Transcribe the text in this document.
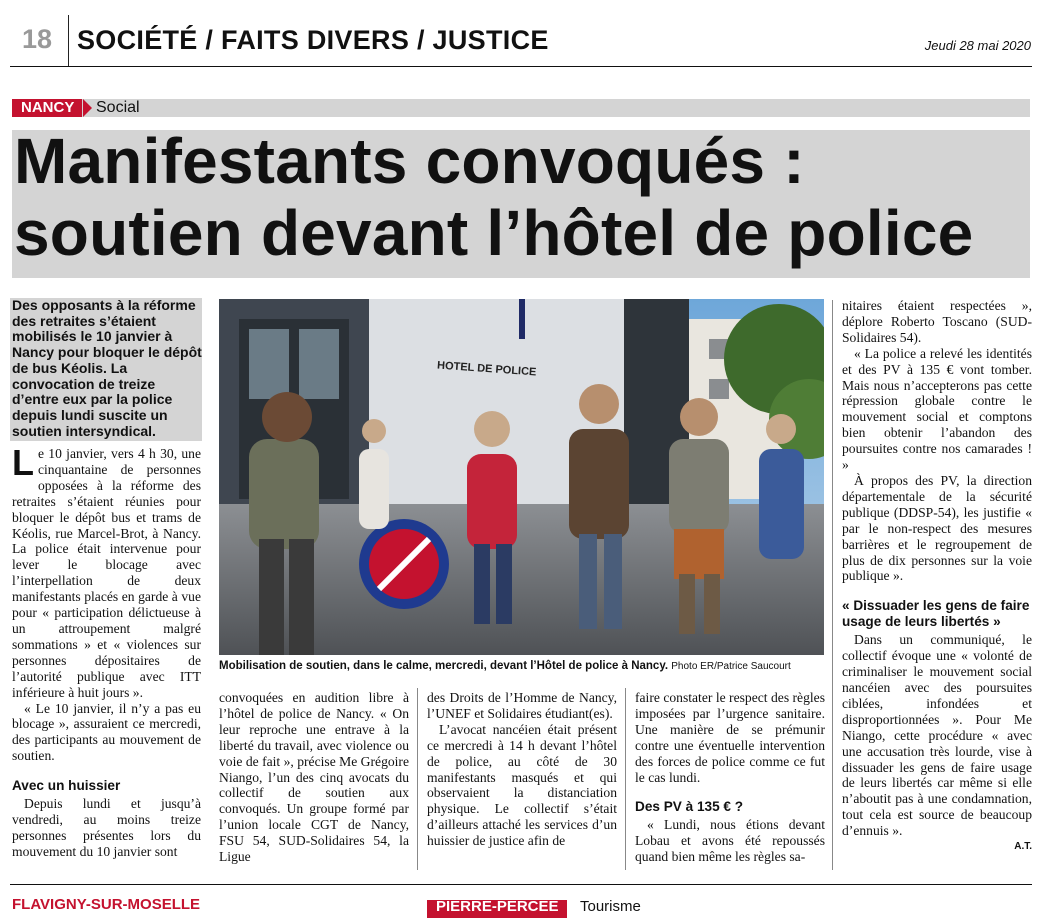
18 SOCIÉTÉ / FAITS DIVERS / JUSTICE	Jeudi 28 mai 2020
NANCY	Social
Manifestants convoqués :
soutien devant l’hôtel de police
Des opposants à la réforme des retraites s’étaient mobilisés le 10 janvier à Nancy pour bloquer le dépôt de bus Kéolis. La convocation de treize d’entre eux par la police depuis lundi suscite un soutien intersyndical.
HOTEL DE POLICE
Mobilisation de soutien, dans le calme, mercredi, devant l’Hôtel de police à Nancy. Photo ER/Patrice Saucourt

Le 10 janvier, vers 4 h 30, une cinquantaine de personnes opposées à la réforme des retraites s’étaient réunies pour bloquer le dépôt bus et trams de Kéolis, rue Marcel-Brot, à Nancy. La police était intervenue pour lever le blocage avec l’interpellation de deux manifestants placés en garde à vue pour « participation délictueuse à un attroupement malgré sommations » et « violences sur personnes dépositaires de l’autorité publique avec ITT inférieure à huit jours ».

« Le 10 janvier, il n’y a pas eu blocage », assuraient ce mercredi, des participants au mouvement de soutien.

Avec un huissier

Depuis lundi et jusqu’à vendredi, au moins treize personnes présentes lors du mouvement du 10 janvier sont

convoquées en audition libre à l’hôtel de police de Nancy. « On leur reproche une entrave à la liberté du travail, avec violence ou voie de fait », précise Me Grégoire Niango, l’un des cinq avocats du collectif de soutien aux convoqués. Un groupe formé par l’union locale CGT de Nancy, FSU 54, SUD-Solidaires 54, la Ligue

des Droits de l’Homme de Nancy, l’UNEF et Solidaires étudiant(es).

L’avocat nancéien était présent ce mercredi à 14 h devant l’hôtel de police, au côté de 30 manifestants masqués et qui observaient la distanciation physique. Le collectif s’était d’ailleurs attaché les services d’un huissier de justice afin de

faire constater le respect des règles imposées par l’urgence sanitaire. Une manière de se prémunir contre une éventuelle intervention des forces de police comme ce fut le cas lundi.

Des PV à 135 € ?

« Lundi, nous étions devant Lobau et avons été repoussés quand bien même les règles sa-

nitaires étaient respectées », déplore Roberto Toscano (SUD-Solidaires 54).

« La police a relevé les identités et des PV à 135 € vont tomber. Mais nous n’accepterons pas cette répression globale contre le mouvement social et comptons bien obtenir l’abandon des poursuites contre nos camarades ! »

À propos des PV, la direction départementale de la sécurité publique (DDSP-54), les justifie « par le non-respect des mesures barrières et le regroupement de plus de dix personnes sur la voie publique ».

« Dissuader les gens de faire usage de leurs libertés »

Dans un communiqué, le collectif évoque une « volonté de criminaliser le mouvement social nancéien avec des poursuites ciblées, infondées et disproportionnées ». Pour Me Niango, cette procédure « avec une accusation très lourde, vise à dissuader les gens de faire usage de leurs libertés car même si elle n’aboutit pas à une condamnation, tout cela est source de beaucoup d’ennuis ».

A.T.
FLAVIGNY-SUR-MOSELLE	PIERRE-PERCÉE Tourisme
